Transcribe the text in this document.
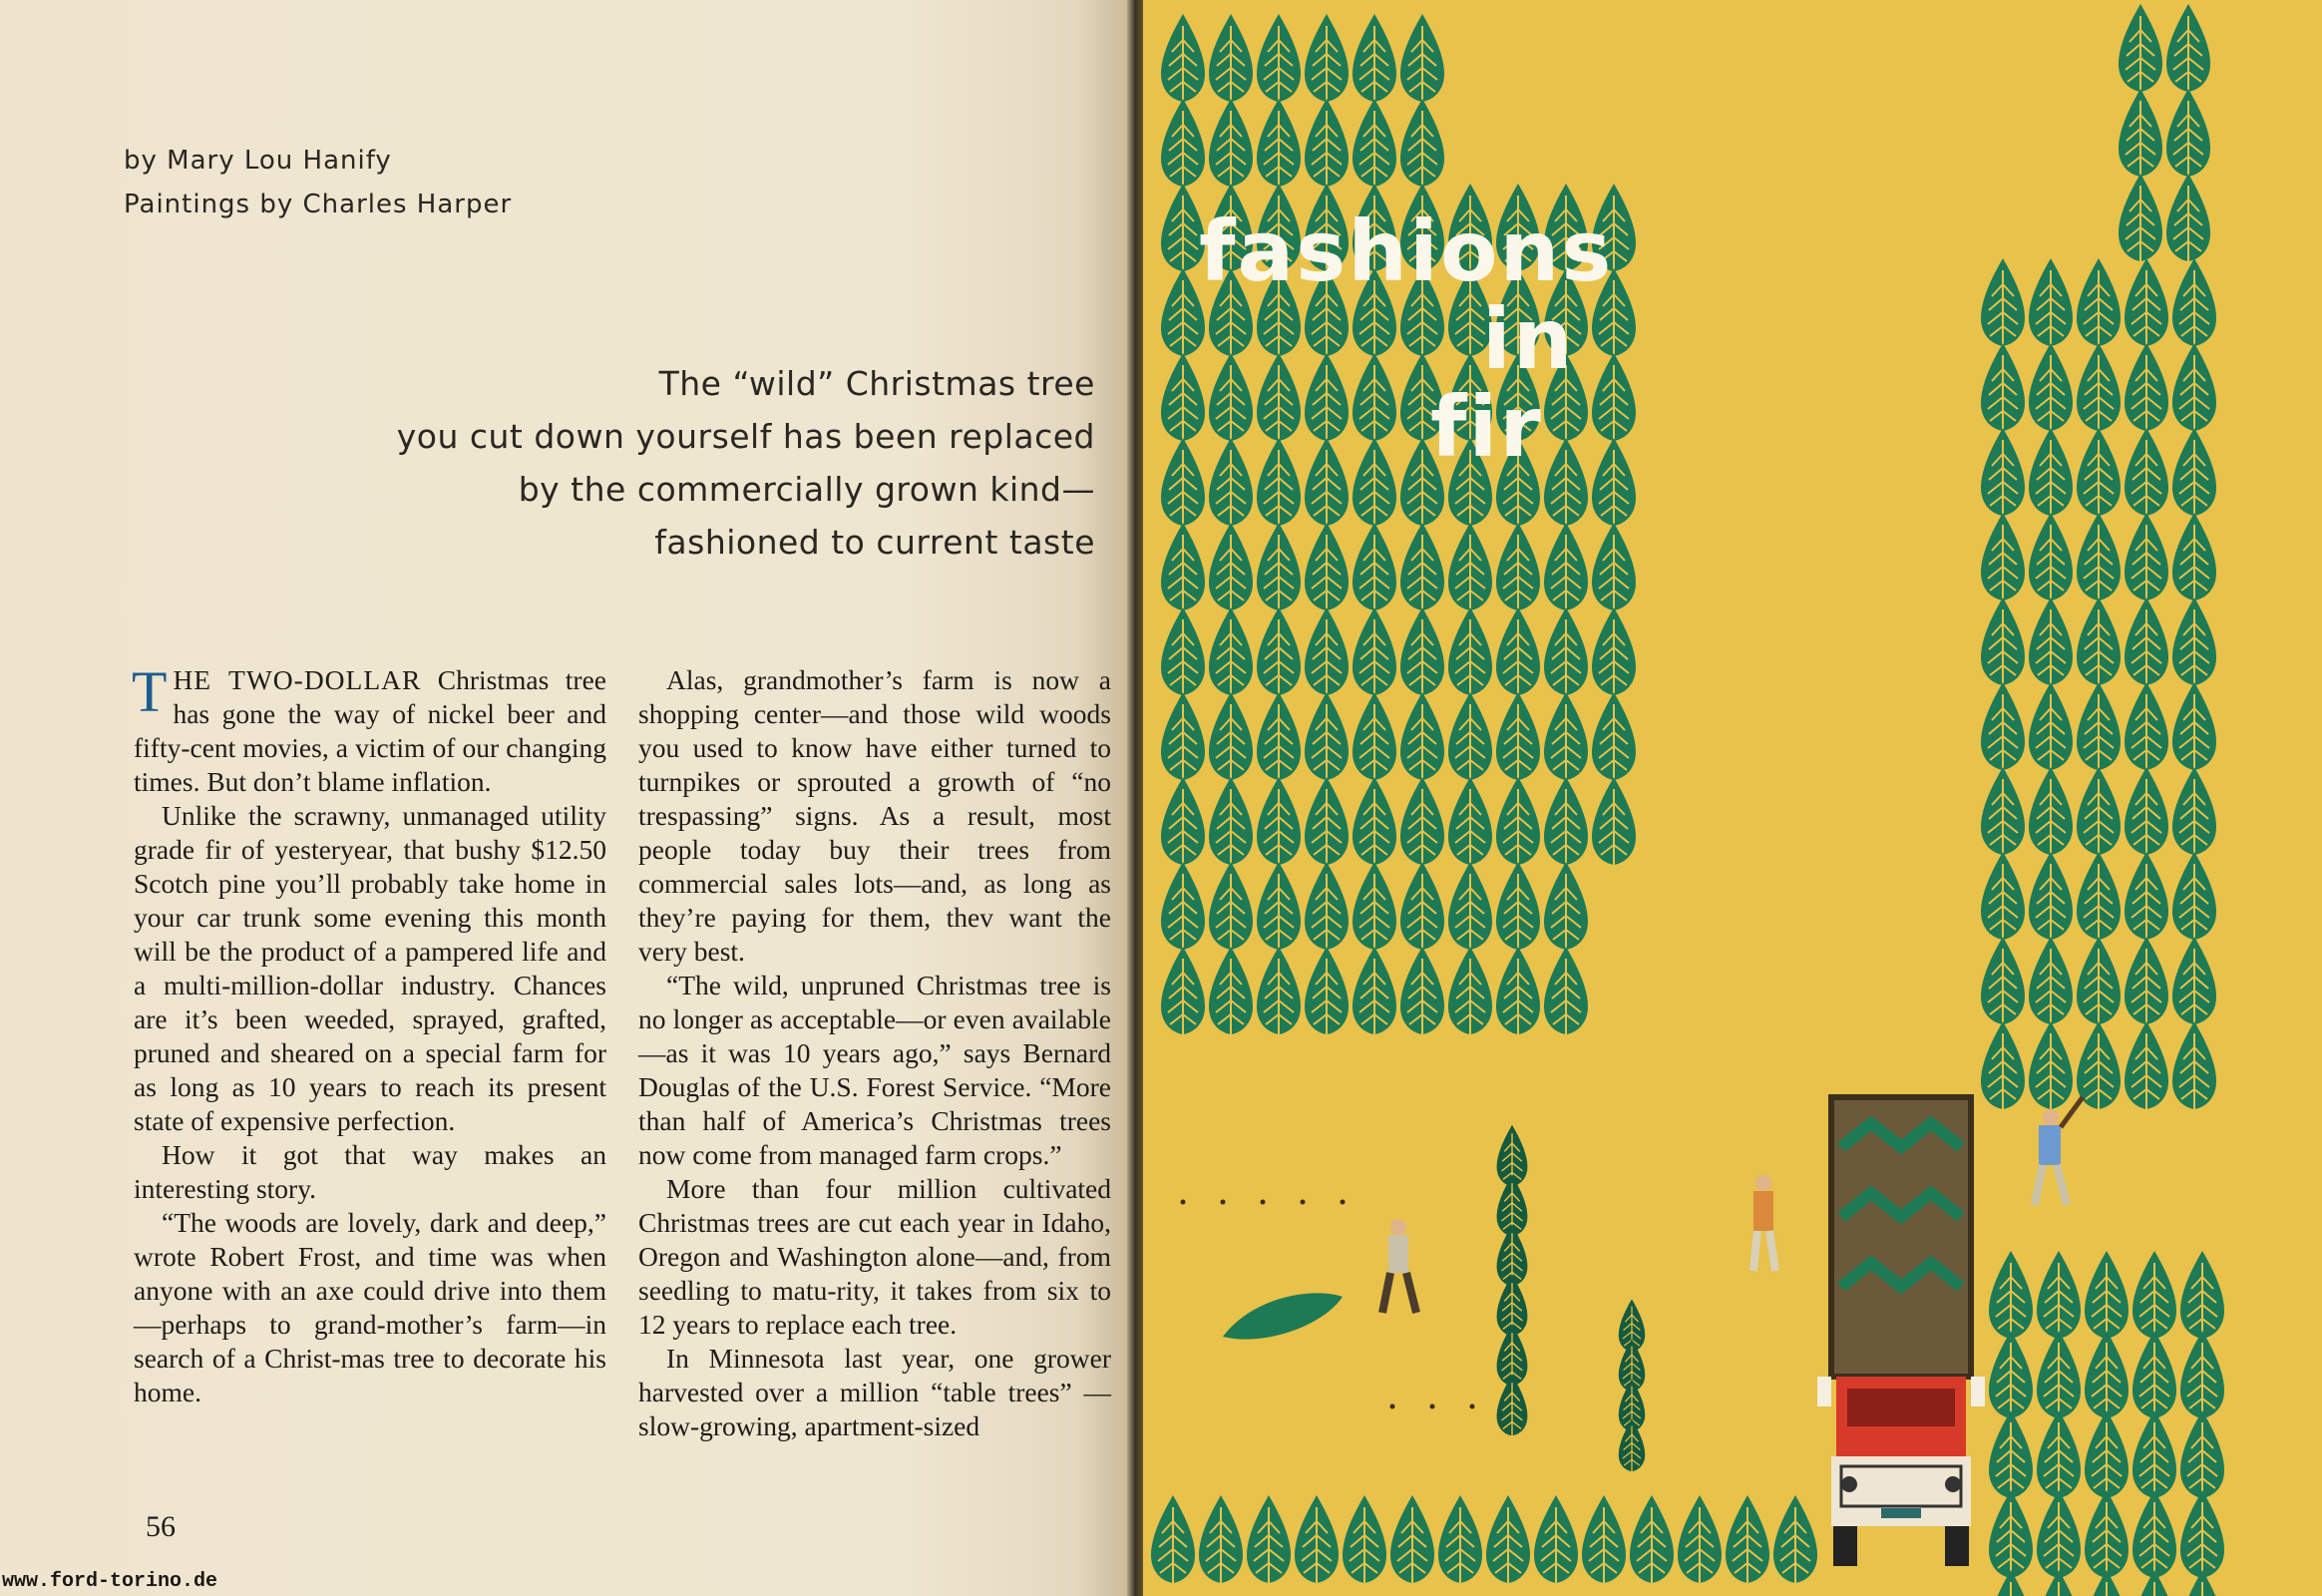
by Mary Lou Hanify
Paintings by Charles Harper
The “wild” Christmas tree
you cut down yourself has been replaced
by the commercially grown kind—
fashioned to current taste

THE TWO-DOLLAR Christmas tree has gone the way of nickel beer and fifty-cent movies, a victim of our changing times. But don’t blame inflation.

Unlike the scrawny, unmanaged utility grade fir of yesteryear, that bushy $12.50 Scotch pine you’ll probably take home in your car trunk some evening this month will be the product of a pampered life and a multi-million-dollar industry. Chances are it’s been weeded, sprayed, grafted, pruned and sheared on a special farm for as long as 10 years to reach its present state of expensive perfection.

How it got that way makes an interesting story.

“The woods are lovely, dark and deep,” wrote Robert Frost, and time was when anyone with an axe could drive into them—perhaps to grand-mother’s farm—in search of a Christ-mas tree to decorate his home.

Alas, grandmother’s farm is now a shopping center—and those wild woods you used to know have either turned to turnpikes or sprouted a growth of “no trespassing” signs. As a result, most people today buy their trees from commercial sales lots—and, as long as they’re paying for them, thev want the very best.

“The wild, unpruned Christmas tree is no longer as acceptable—or even available—as it was 10 years ago,” says Bernard Douglas of the U.S. Forest Service. “More than half of America’s Christmas trees now come from managed farm crops.”

More than four million cultivated Christmas trees are cut each year in Idaho, Oregon and Washington alone—and, from seedling to matu-rity, it takes from six to 12 years to replace each tree.

In Minnesota last year, one grower harvested over a million “table trees” —slow-growing, apartment-sized

56
www.ford-torino.de
fashions
in
fir
